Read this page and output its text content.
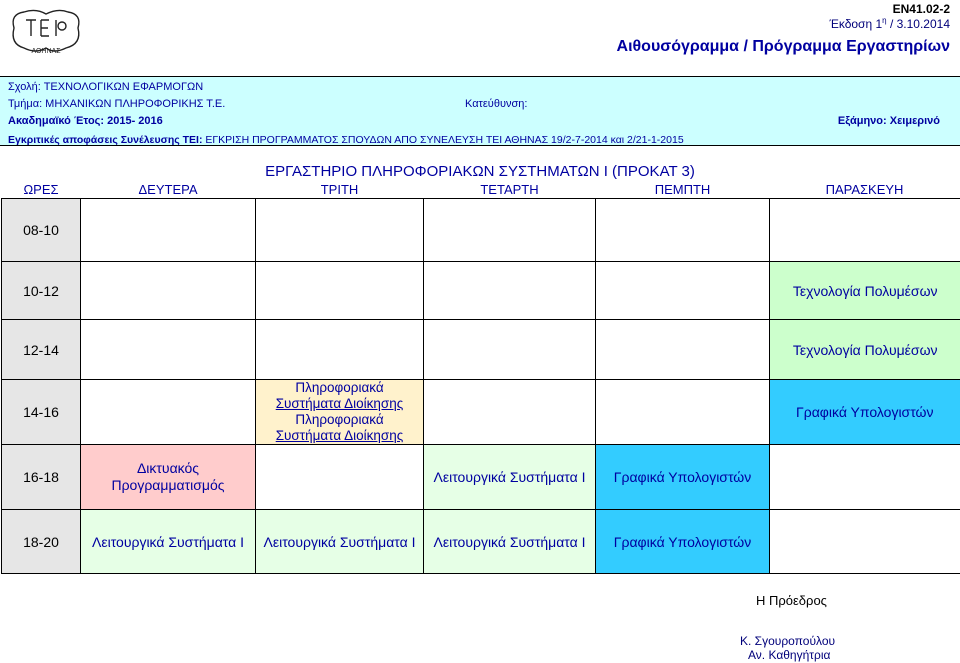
ΑΘΗΝΑΣ
EN41.02-2
Έκδοση $1^\eta / 3.10.2014$
Αιθουσόγραμμα / Πρόγραμμα Εργαστηρίων
Σχολή: ΤΕΧΝΟΛΟΓΙΚΩΝ ΕΦΑΡΜΟΓΩΝ
Τμήμα: ΜΗΧΑΝΙΚΩΝ ΠΛΗΡΟΦΟΡΙΚΗΣ Τ.Ε.	Κατεύθυνση:
Ακαδημαϊκό Έτος: 2015- 2016	Εξάμηνο: Χειμερινό
Εγκριτικές αποφάσεις Συνέλευσης ΤΕΙ: ΕΓΚΡΙΣΗ ΠΡΟΓΡΑΜΜΑΤΟΣ ΣΠΟΥΔΩΝ ΑΠΟ ΣΥΝΕΛΕΥΣΗ ΤΕΙ ΑΘΗΝΑΣ 19/2-7-2014 και 2/21-1-2015
ΕΡΓΑΣΤΗΡΙΟ ΠΛΗΡΟΦΟΡΙΑΚΩΝ ΣΥΣΤΗΜΑΤΩΝ Ι (ΠΡΟΚΑΤ 3)
ΩΡΕΣ	ΔΕΥΤΕΡΑ	ΤΡΙΤΗ	ΤΕΤΑΡΤΗ	ΠΕΜΠΤΗ	ΠΑΡΑΣΚΕΥΗ
08-10					
10-12					Τεχνολογία Πολυμέσων
12-14					Τεχνολογία Πολυμέσων
14-16		Πληροφοριακά
Συστήματα Διοίκησης
Πληροφοριακά
Συστήματα Διοίκησης			Γραφικά Υπολογιστών
16-18	Δικτυακός
Προγραμματισμός		Λειτουργικά Συστήματα Ι	Γραφικά Υπολογιστών	
18-20	Λειτουργικά Συστήματα Ι	Λειτουργικά Συστήματα Ι	Λειτουργικά Συστήματα Ι	Γραφικά Υπολογιστών	
Η Πρόεδρος
Κ. Σγουροπούλου
Αν. Καθηγήτρια
